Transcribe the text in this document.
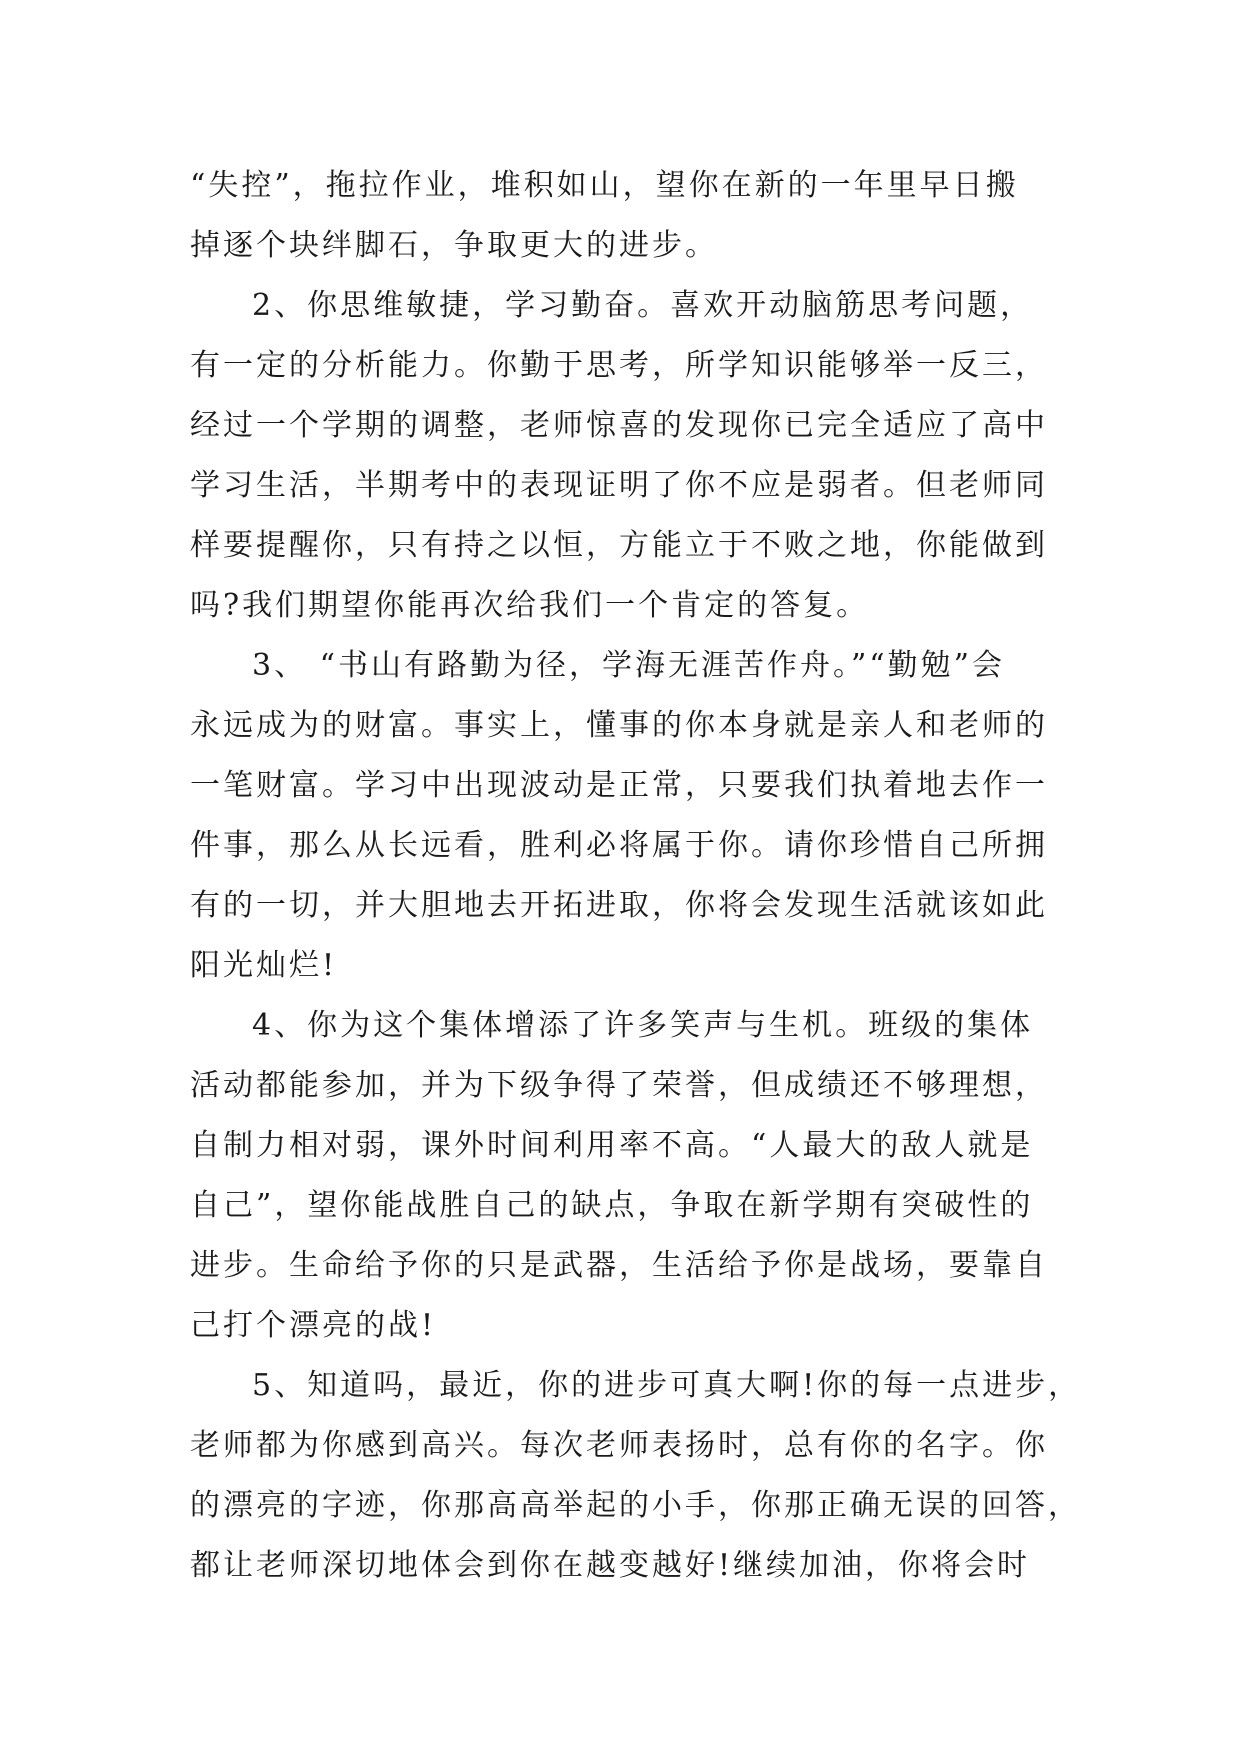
“失控”，拖拉作业，堆积如山，望你在新的一年里早日搬
掉逐个块绊脚石，争取更大的进步。
2、你思维敏捷，学习勤奋。喜欢开动脑筋思考问题，
有一定的分析能力。你勤于思考，所学知识能够举一反三，
经过一个学期的调整，老师惊喜的发现你已完全适应了高中
学习生活，半期考中的表现证明了你不应是弱者。但老师同
样要提醒你，只有持之以恒，方能立于不败之地，你能做到
吗?我们期望你能再次给我们一个肯定的答复。
3、 “书山有路勤为径，学海无涯苦作舟。”“勤勉”会
永远成为的财富。事实上，懂事的你本身就是亲人和老师的
一笔财富。学习中出现波动是正常，只要我们执着地去作一
件事，那么从长远看，胜利必将属于你。请你珍惜自己所拥
有的一切，并大胆地去开拓进取，你将会发现生活就该如此
阳光灿烂!
4、你为这个集体增添了许多笑声与生机。班级的集体
活动都能参加，并为下级争得了荣誉，但成绩还不够理想，
自制力相对弱，课外时间利用率不高。“人最大的敌人就是
自己”，望你能战胜自己的缺点，争取在新学期有突破性的
进步。生命给予你的只是武器，生活给予你是战场，要靠自
己打个漂亮的战!
5、知道吗，最近，你的进步可真大啊!你的每一点进步，
老师都为你感到高兴。每次老师表扬时，总有你的名字。你
的漂亮的字迹，你那高高举起的小手，你那正确无误的回答，
都让老师深切地体会到你在越变越好!继续加油，你将会时
